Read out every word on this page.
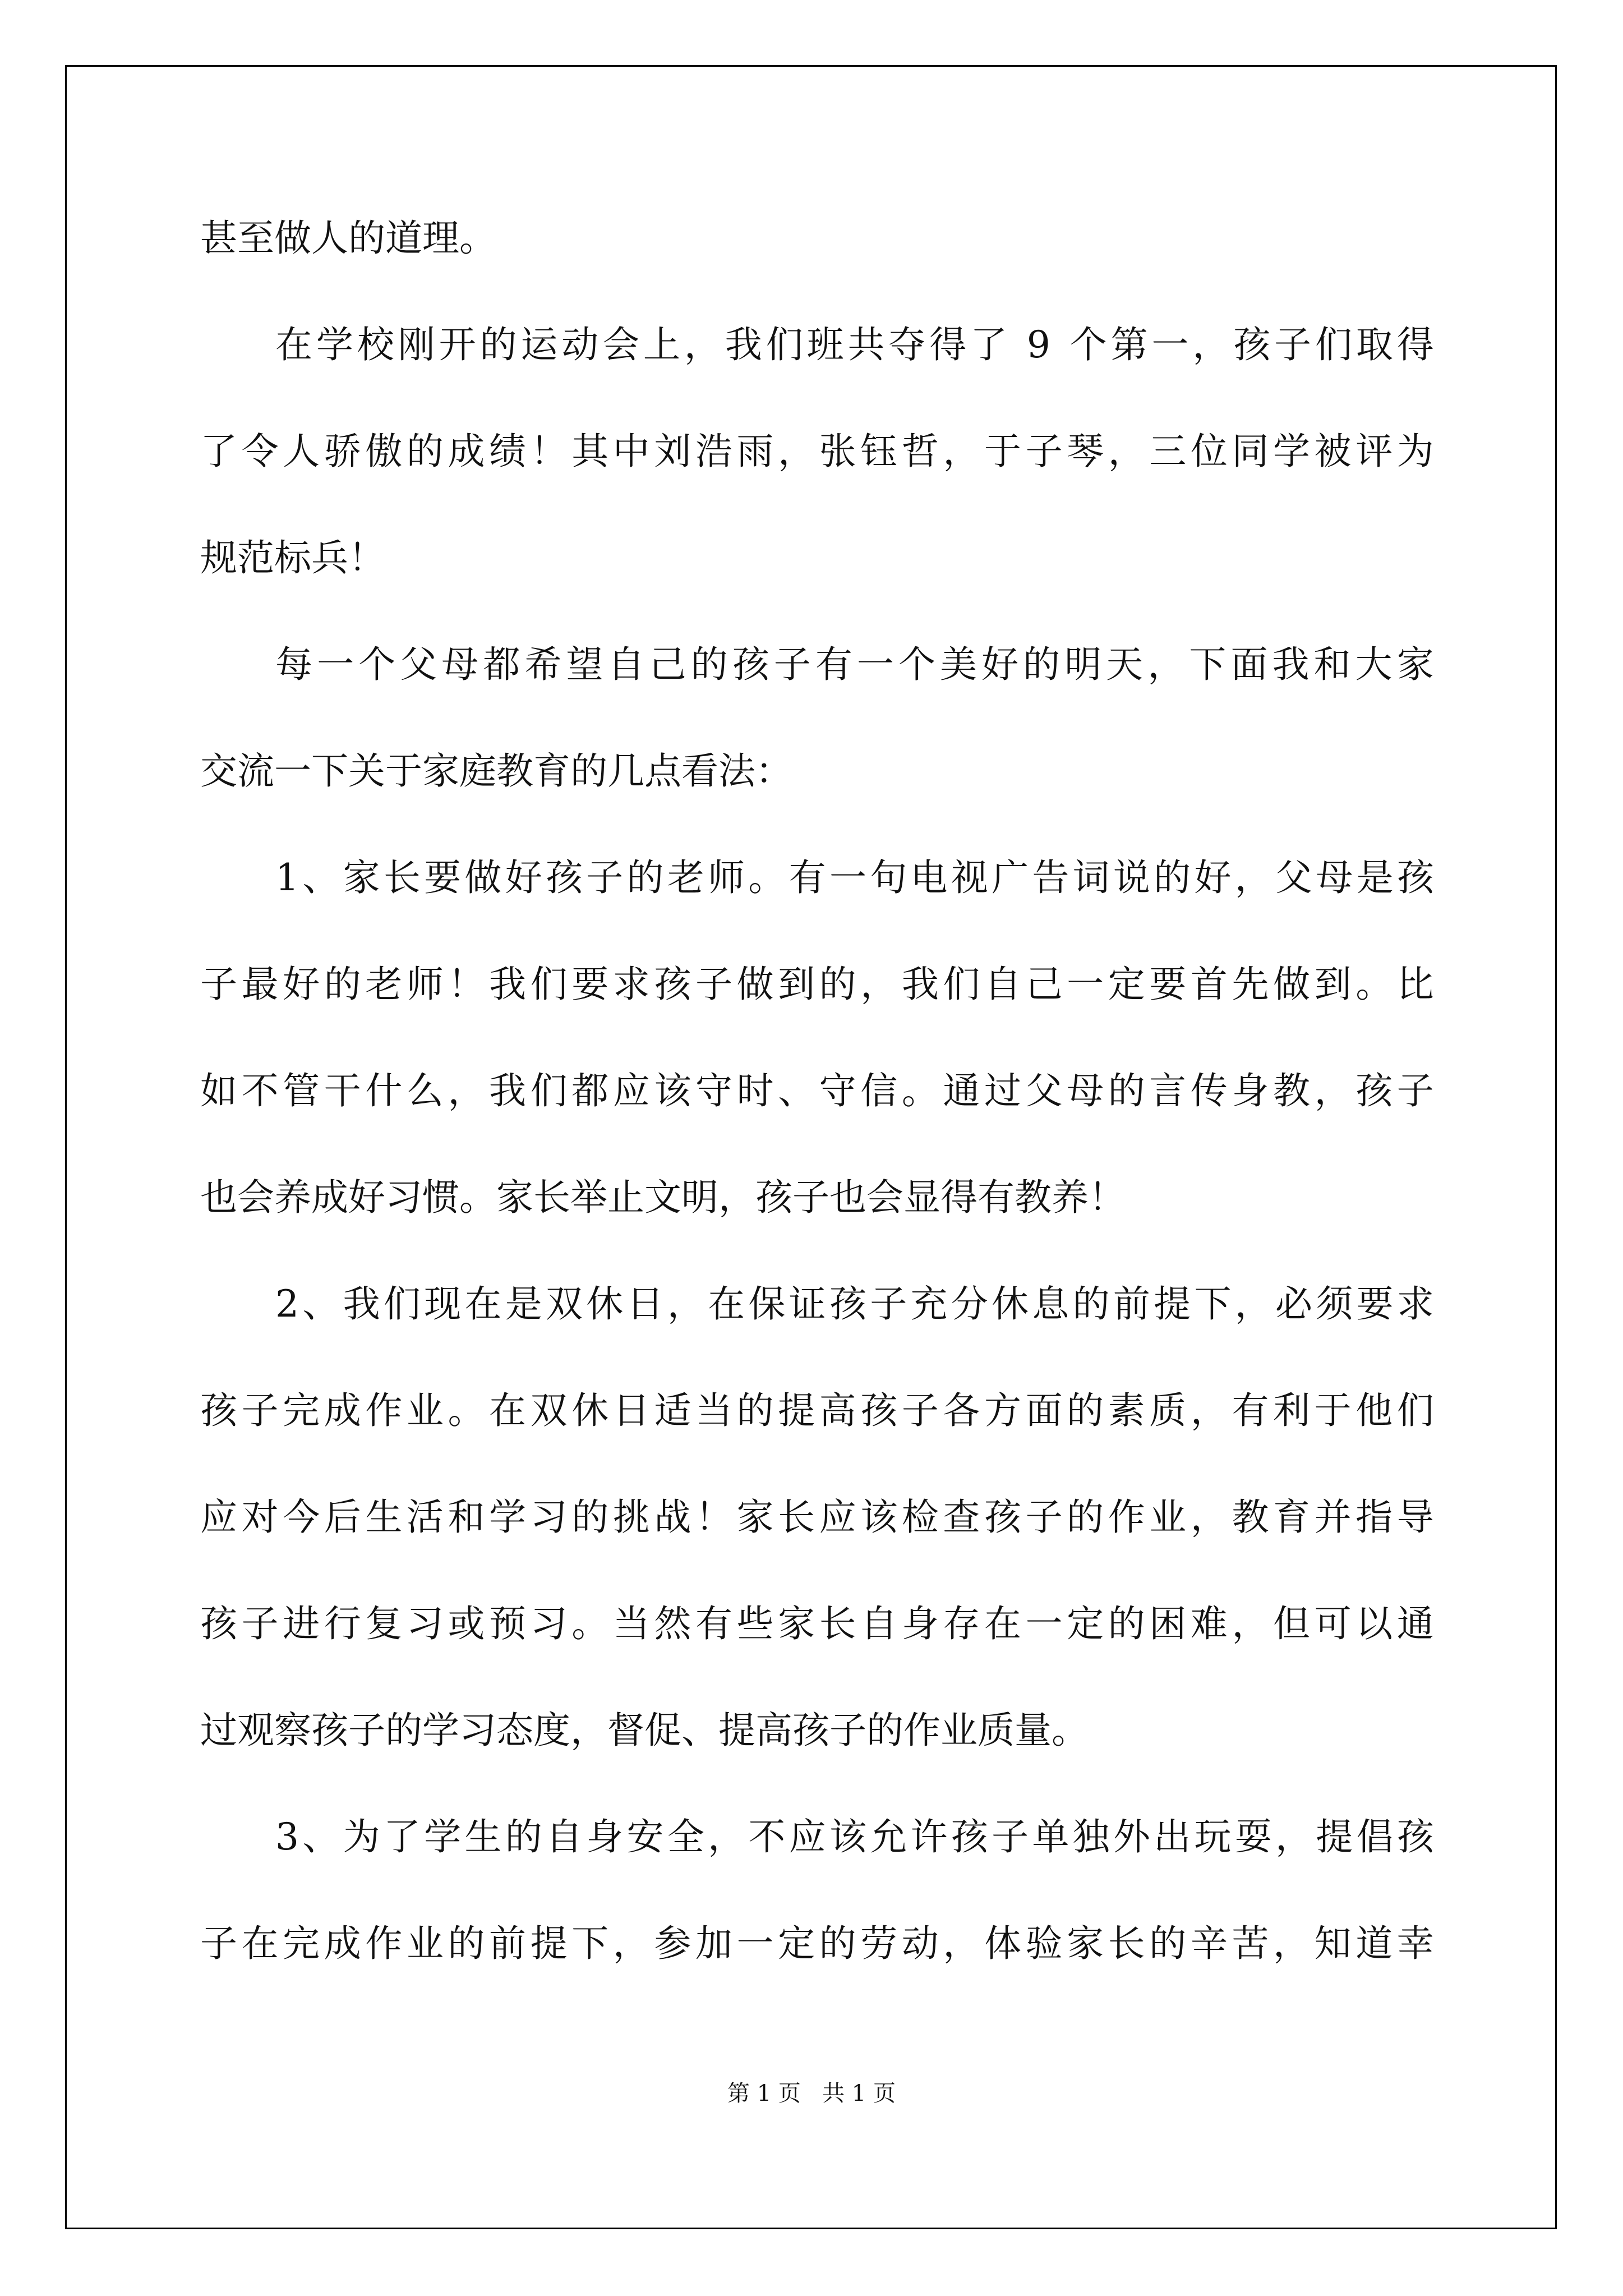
甚至做人的道理。
在 学 校 刚 开 的 运 动 会 上 ， 我 们 班 共 夺 得 了
9
个 第 一 ， 孩 子 们 取 得
了 令 人 骄 傲 的 成 绩 ！ 其 中 刘 浩 雨 ， 张 钰 哲 ， 于 子 琴 ， 三 位 同 学 被 评 为
规范标兵！
每 一 个 父 母 都 希 望 自 己 的 孩 子 有 一 个 美 好 的 明 天 ， 下 面 我 和 大 家
交流一下关于家庭教育的几点看法：
1 、 家 长 要 做 好 孩 子 的 老 师 。 有 一 句 电 视 广 告 词 说 的 好 ， 父 母 是 孩
子 最 好 的 老 师 ！ 我 们 要 求 孩 子 做 到 的 ， 我 们 自 己 一 定 要 首 先 做 到 。 比
如 不 管 干 什 么 ， 我 们 都 应 该 守 时 、 守 信 。 通 过 父 母 的 言 传 身 教 ， 孩 子
也会养成好习惯。家长举止文明，孩子也会显得有教养！
2 、 我 们 现 在 是 双 休 日 ， 在 保 证 孩 子 充 分 休 息 的 前 提 下 ， 必 须 要 求
孩 子 完 成 作 业 。 在 双 休 日 适 当 的 提 高 孩 子 各 方 面 的 素 质 ， 有 利 于 他 们
应 对 今 后 生 活 和 学 习 的 挑 战 ！ 家 长 应 该 检 查 孩 子 的 作 业 ， 教 育 并 指 导
孩 子 进 行 复 习 或 预 习 。 当 然 有 些 家 长 自 身 存 在 一 定 的 困 难 ， 但 可 以 通
过观察孩子的学习态度，督促、提高孩子的作业质量。
3 、 为 了 学 生 的 自 身 安 全 ， 不 应 该 允 许 孩 子 单 独 外 出 玩 耍 ， 提 倡 孩
子 在 完 成 作 业 的 前 提 下 ， 参 加 一 定 的 劳 动 ， 体 验 家 长 的 辛 苦 ， 知 道 幸
第 1 页   共 1 页
